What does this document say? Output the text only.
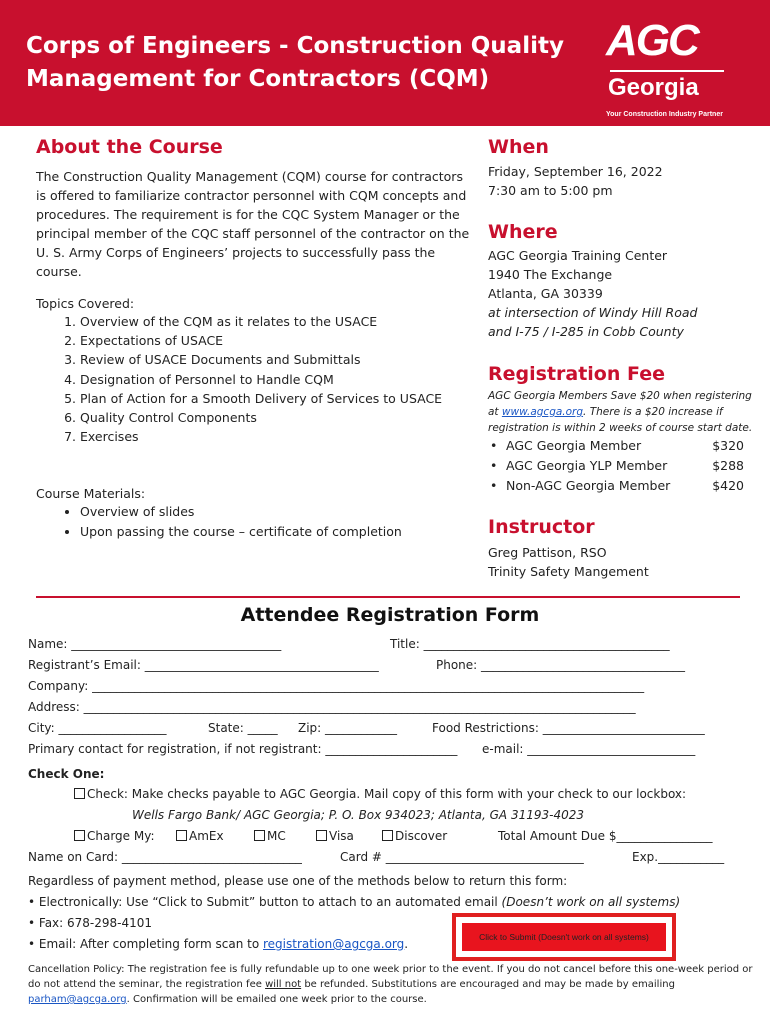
Corps of Engineers - Construction Quality
Management for Contractors (CQM)
AGC
Georgia
Your Construction Industry Partner
About the Course
The Construction Quality Management (CQM) course for contractors is offered to familiarize contractor personnel with CQM concepts and procedures. The requirement is for the CQC System Manager or the principal member of the CQC staff personnel of the contractor on the U. S. Army Corps of Engineers’ projects to successfully pass the course.
Topics Covered:
1. Overview of the CQM as it relates to the USACE
2. Expectations of USACE
3. Review of USACE Documents and Submittals
4. Designation of Personnel to Handle CQM
5. Plan of Action for a Smooth Delivery of Services to USACE
6. Quality Control Components
7. Exercises
Course Materials:
• Overview of slides
• Upon passing the course – certificate of completion
When
Friday, September 16, 2022
7:30 am to 5:00 pm
Where
AGC Georgia Training Center
1940 The Exchange
Atlanta, GA 30339
at intersection of Windy Hill Road
and I-75 / I-285 in Cobb County
Registration Fee
AGC Georgia Members Save $20 when registering at www.agcga.org. There is a $20 increase if registration is within 2 weeks of course start date.
• AGC Georgia Member	$320
• AGC Georgia YLP Member	$288
• Non-AGC Georgia Member	$420
Instructor
Greg Pattison, RSO
Trinity Safety Mangement
Attendee Registration Form
Name: ___________________________________	Title: _________________________________________
Registrant’s Email: _______________________________________	Phone: __________________________________
Company: ____________________________________________________________________________________________
Address: ____________________________________________________________________________________________
City: __________________	State: _____ Zip: ____________	Food Restrictions: ___________________________
Primary contact for registration, if not registrant: ______________________ e-mail: ____________________________
Check One:
Check: Make checks payable to AGC Georgia. Mail copy of this form with your check to our lockbox:
Wells Fargo Bank/ AGC Georgia; P. O. Box 934023; Atlanta, GA 31193-4023
Charge My:	AmEx	MC	Visa	Discover	Total Amount Due $________________
Name on Card: ______________________________	Card # _________________________________	Exp.___________
Regardless of payment method, please use one of the methods below to return this form:
• Electronically: Use “Click to Submit” button to attach to an automated email (Doesn’t work on all systems)
• Fax: 678-298-4101
• Email: After completing form scan to registration@agcga.org.	Click to Submit (Doesn't work on all systems)
Cancellation Policy: The registration fee is fully refundable up to one week prior to the event. If you do not cancel before this one-week period or do not attend the seminar, the registration fee will not be refunded. Substitutions are encouraged and may be made by emailing parham@agcga.org. Confirmation will be emailed one week prior to the course.
